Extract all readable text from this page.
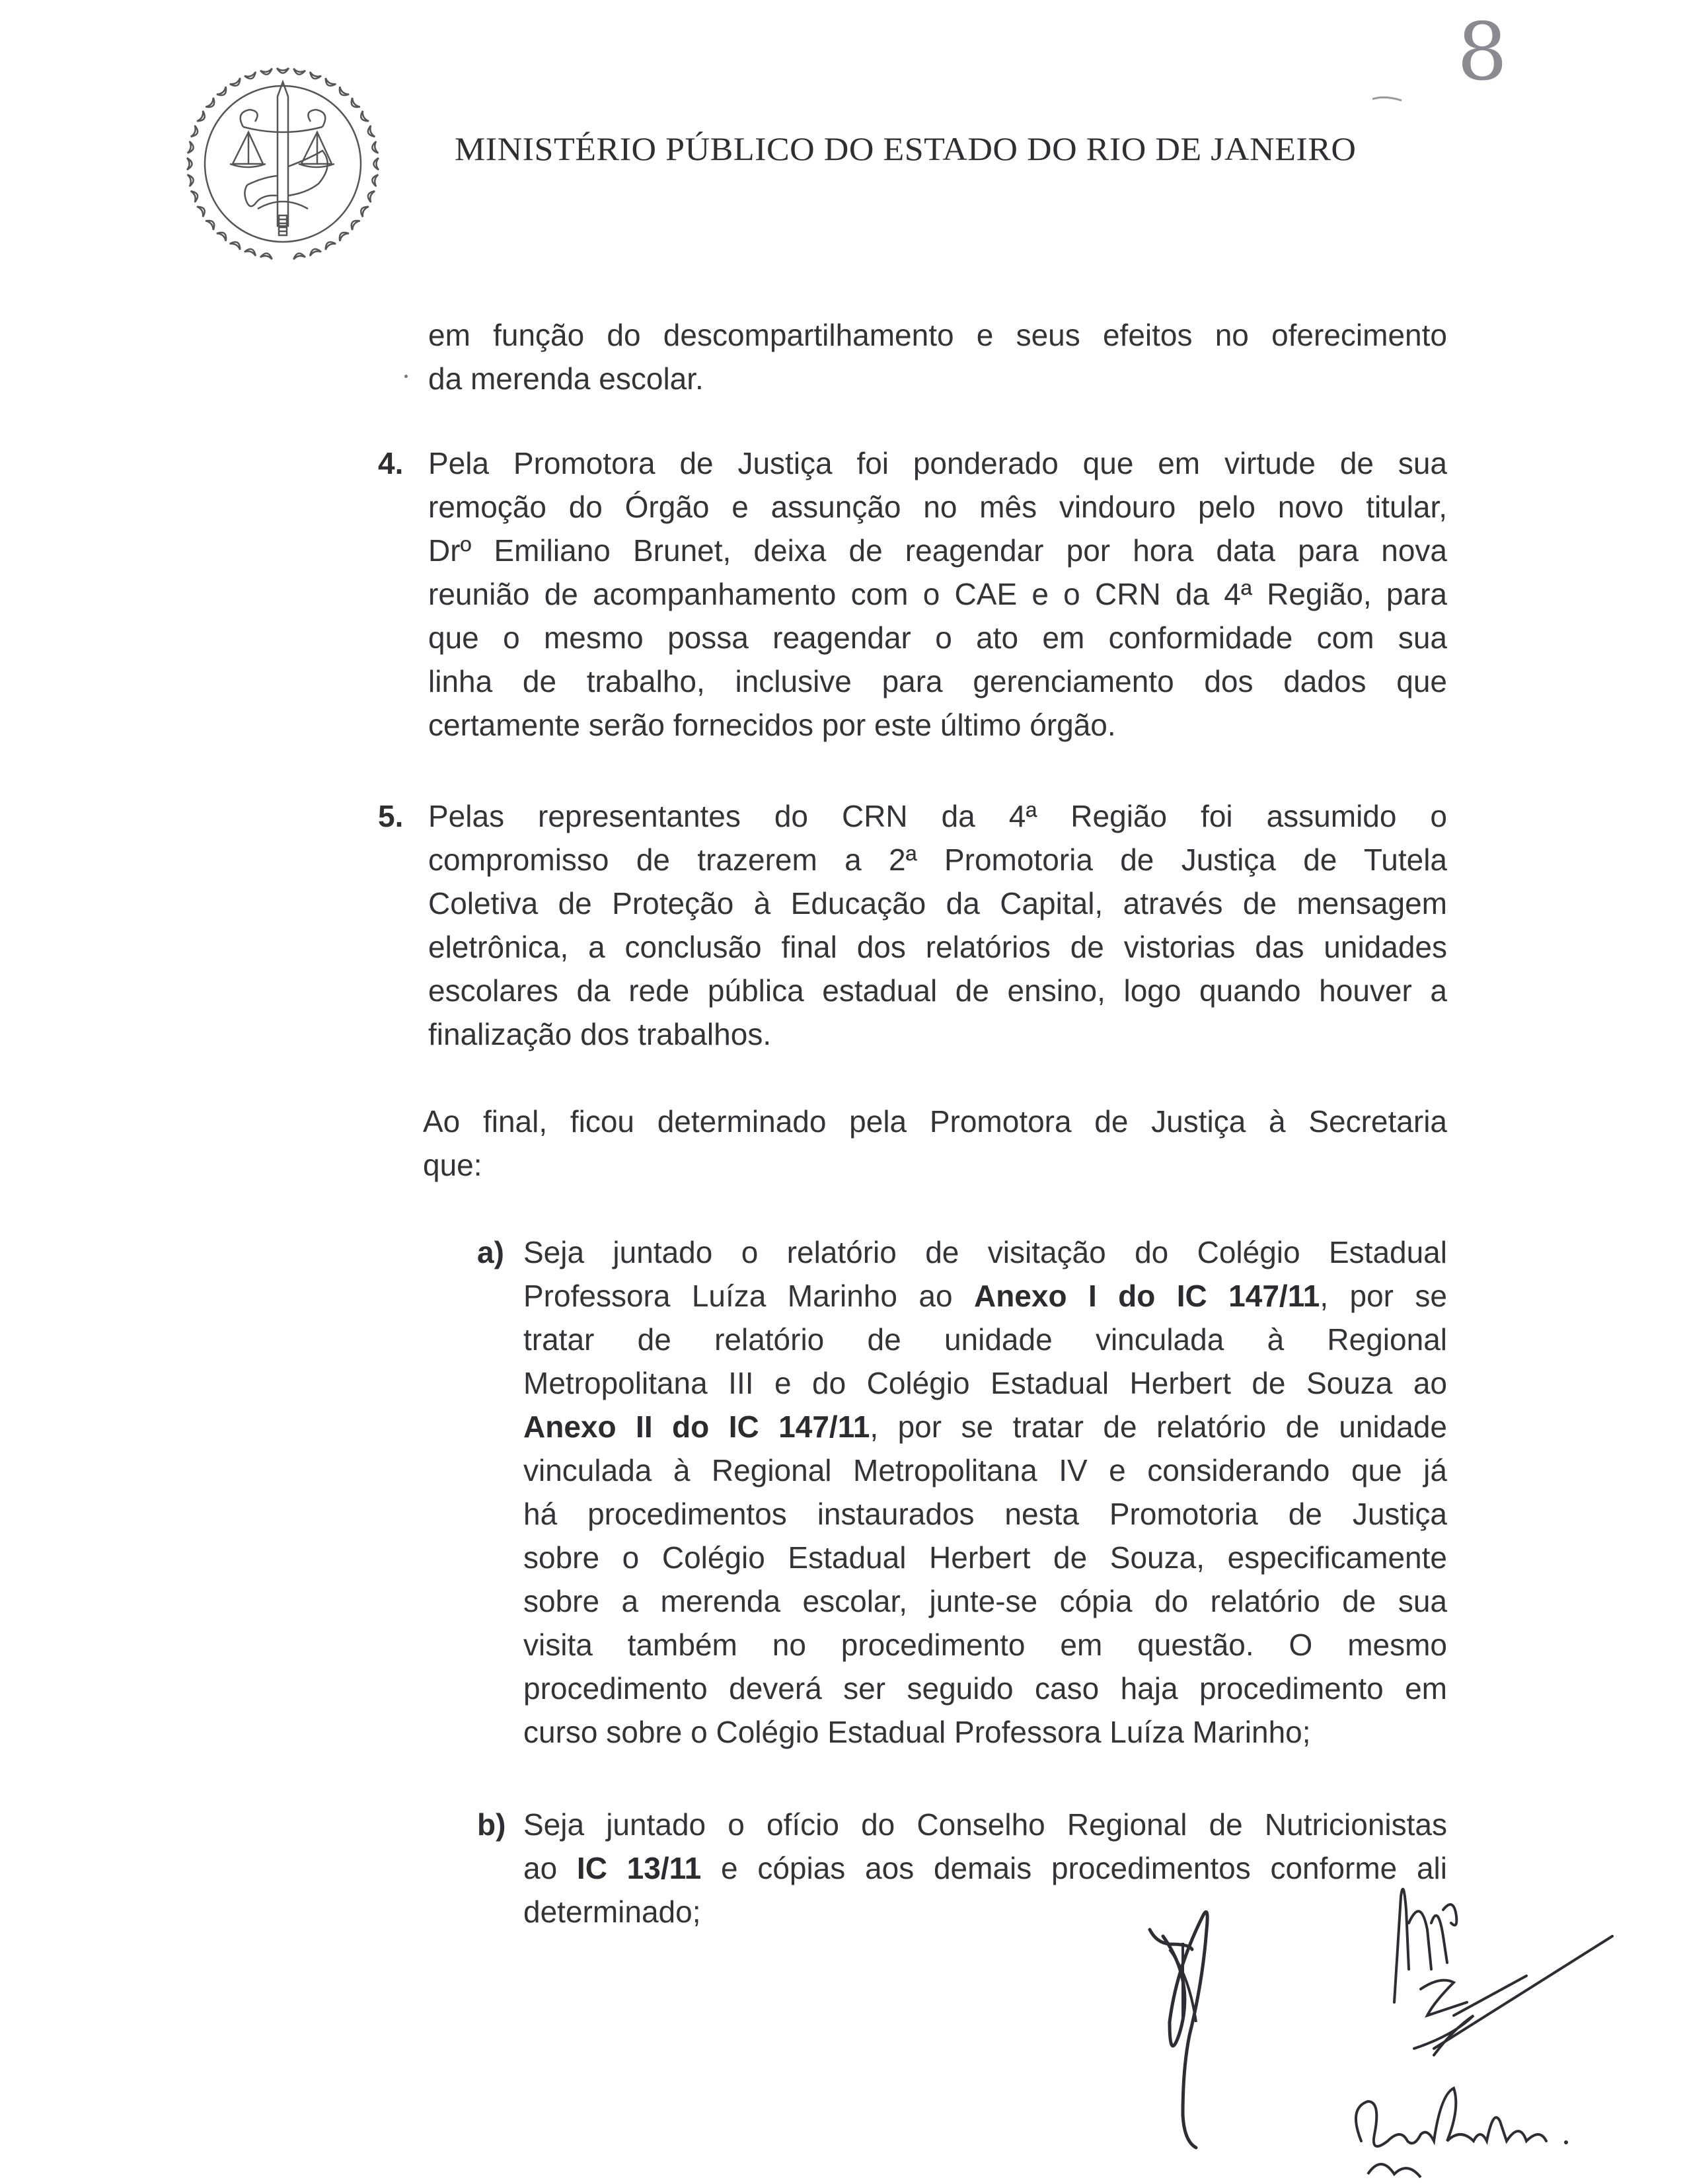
MINISTÉRIO PÚBLICO DO ESTADO DO RIO DE JANEIRO
8
em função do descompartilhamento e seus efeitos no oferecimento
da merenda escolar.
4. Pela Promotora de Justiça foi ponderado que em virtude de sua
remoção do Órgão e assunção no mês vindouro pelo novo titular,
Drº Emiliano Brunet, deixa de reagendar por hora data para nova
reunião de acompanhamento com o CAE e o CRN da 4ª Região, para
que o mesmo possa reagendar o ato em conformidade com sua
linha de trabalho, inclusive para gerenciamento dos dados que
certamente serão fornecidos por este último órgão.
5. Pelas representantes do CRN da 4ª Região foi assumido o
compromisso de trazerem a 2ª Promotoria de Justiça de Tutela
Coletiva de Proteção à Educação da Capital, através de mensagem
eletrônica, a conclusão final dos relatórios de vistorias das unidades
escolares da rede pública estadual de ensino, logo quando houver a
finalização dos trabalhos.
Ao final, ficou determinado pela Promotora de Justiça à Secretaria
que:
a) Seja juntado o relatório de visitação do Colégio Estadual
Professora Luíza Marinho ao Anexo I do IC 147/11, por se
tratar de relatório de unidade vinculada à Regional
Metropolitana III e do Colégio Estadual Herbert de Souza ao
Anexo II do IC 147/11, por se tratar de relatório de unidade
vinculada à Regional Metropolitana IV e considerando que já
há procedimentos instaurados nesta Promotoria de Justiça
sobre o Colégio Estadual Herbert de Souza, especificamente
sobre a merenda escolar, junte-se cópia do relatório de sua
visita também no procedimento em questão. O mesmo
procedimento deverá ser seguido caso haja procedimento em
curso sobre o Colégio Estadual Professora Luíza Marinho;
b) Seja juntado o ofício do Conselho Regional de Nutricionistas
ao IC 13/11 e cópias aos demais procedimentos conforme ali
determinado;
